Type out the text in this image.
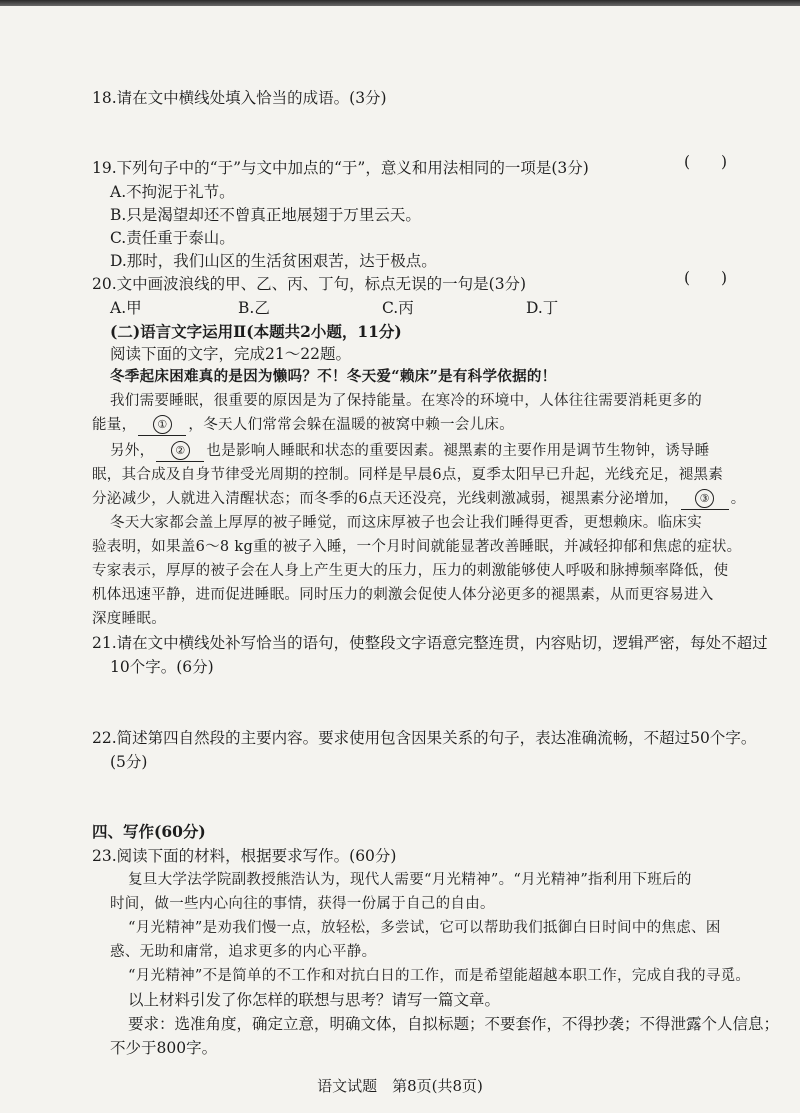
18.请在文中横线处填入恰当的成语。(3分)
19.下列句子中的“于”与文中加点的“于”，意义和用法相同的一项是(3分)	(　　)
A.不拘泥于礼节。
B.只是渴望却还不曾真正地展翅于万里云天。
C.责任重于泰山。
D.那时，我们山区的生活贫困艰苦，达于极点。
20.文中画波浪线的甲、乙、丙、丁句，标点无误的一句是(3分)	(　　)
A.甲	B.乙	C.丙	D.丁
(二)语言文字运用Ⅱ(本题共2小题，11分)
阅读下面的文字，完成21～22题。
冬季起床困难真的是因为懒吗？不！冬天爱“赖床”是有科学依据的！
我们需要睡眠，很重要的原因是为了保持能量。在寒冷的环境中，人体往往需要消耗更多的
能量， ① ，冬天人们常常会躲在温暖的被窝中赖一会儿床。
另外， ② 也是影响人睡眠和状态的重要因素。褪黑素的主要作用是调节生物钟，诱导睡
眠，其合成及自身节律受光周期的控制。同样是早晨6点，夏季太阳早已升起，光线充足，褪黑素
分泌减少，人就进入清醒状态；而冬季的6点天还没亮，光线刺激减弱，褪黑素分泌增加， ③ 。
冬天大家都会盖上厚厚的被子睡觉，而这床厚被子也会让我们睡得更香，更想赖床。临床实
验表明，如果盖6～8 kg重的被子入睡，一个月时间就能显著改善睡眠，并减轻抑郁和焦虑的症状。
专家表示，厚厚的被子会在人身上产生更大的压力，压力的刺激能够使人呼吸和脉搏频率降低，使
机体迅速平静，进而促进睡眠。同时压力的刺激会促使人体分泌更多的褪黑素，从而更容易进入
深度睡眠。
21.请在文中横线处补写恰当的语句，使整段文字语意完整连贯，内容贴切，逻辑严密，每处不超过
10个字。(6分)
22.简述第四自然段的主要内容。要求使用包含因果关系的句子，表达准确流畅，不超过50个字。
(5分)
四、写作(60分)
23.阅读下面的材料，根据要求写作。(60分)
复旦大学法学院副教授熊浩认为，现代人需要“月光精神”。“月光精神”指利用下班后的
时间，做一些内心向往的事情，获得一份属于自己的自由。
“月光精神”是劝我们慢一点，放轻松，多尝试，它可以帮助我们抵御白日时间中的焦虑、困
惑、无助和庸常，追求更多的内心平静。
“月光精神”不是简单的不工作和对抗白日的工作，而是希望能超越本职工作，完成自我的寻觅。
以上材料引发了你怎样的联想与思考？请写一篇文章。
要求：选准角度，确定立意，明确文体，自拟标题；不要套作，不得抄袭；不得泄露个人信息；
不少于800字。
语文试题　第8页(共8页)
